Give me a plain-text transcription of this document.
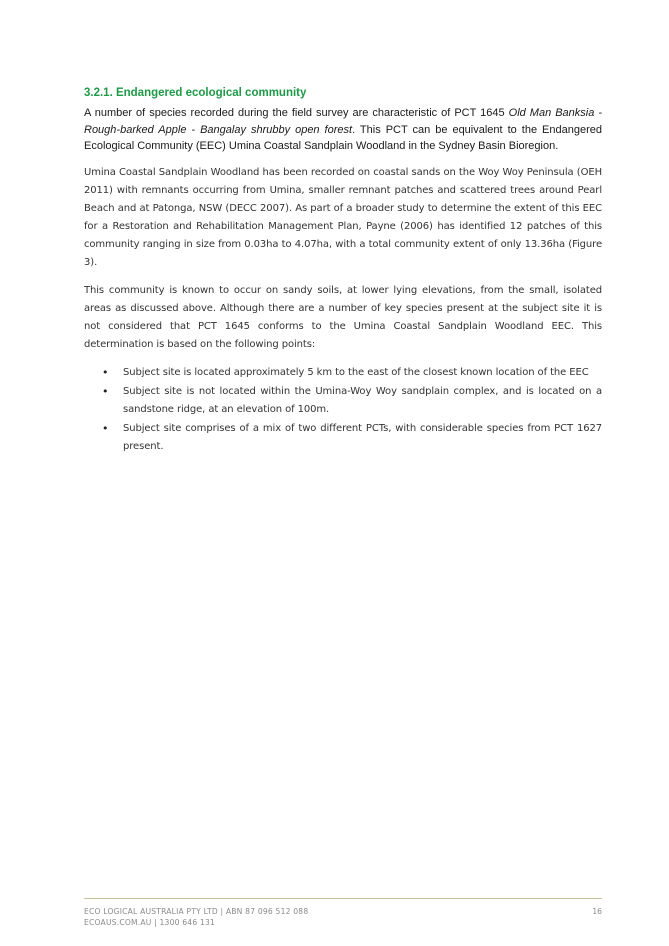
3.2.1. Endangered ecological community

A number of species recorded during the field survey are characteristic of PCT 1645 Old Man Banksia - Rough-barked Apple - Bangalay shrubby open forest. This PCT can be equivalent to the Endangered Ecological Community (EEC) Umina Coastal Sandplain Woodland in the Sydney Basin Bioregion.

Umina Coastal Sandplain Woodland has been recorded on coastal sands on the Woy Woy Peninsula (OEH 2011) with remnants occurring from Umina, smaller remnant patches and scattered trees around Pearl Beach and at Patonga, NSW (DECC 2007). As part of a broader study to determine the extent of this EEC for a Restoration and Rehabilitation Management Plan, Payne (2006) has identified 12 patches of this community ranging in size from 0.03ha to 4.07ha, with a total community extent of only 13.36ha (Figure 3).

This community is known to occur on sandy soils, at lower lying elevations, from the small, isolated areas as discussed above. Although there are a number of key species present at the subject site it is not considered that PCT 1645 conforms to the Umina Coastal Sandplain Woodland EEC. This determination is based on the following points:

• Subject site is located approximately 5 km to the east of the closest known location of the EEC
• Subject site is not located within the Umina-Woy Woy sandplain complex, and is located on a sandstone ridge, at an elevation of 100m.
• Subject site comprises of a mix of two different PCTs, with considerable species from PCT 1627 present.
ECO LOGICAL AUSTRALIA PTY LTD | ABN 87 096 512 088
ECOAUS.COM.AU | 1300 646 131
16
